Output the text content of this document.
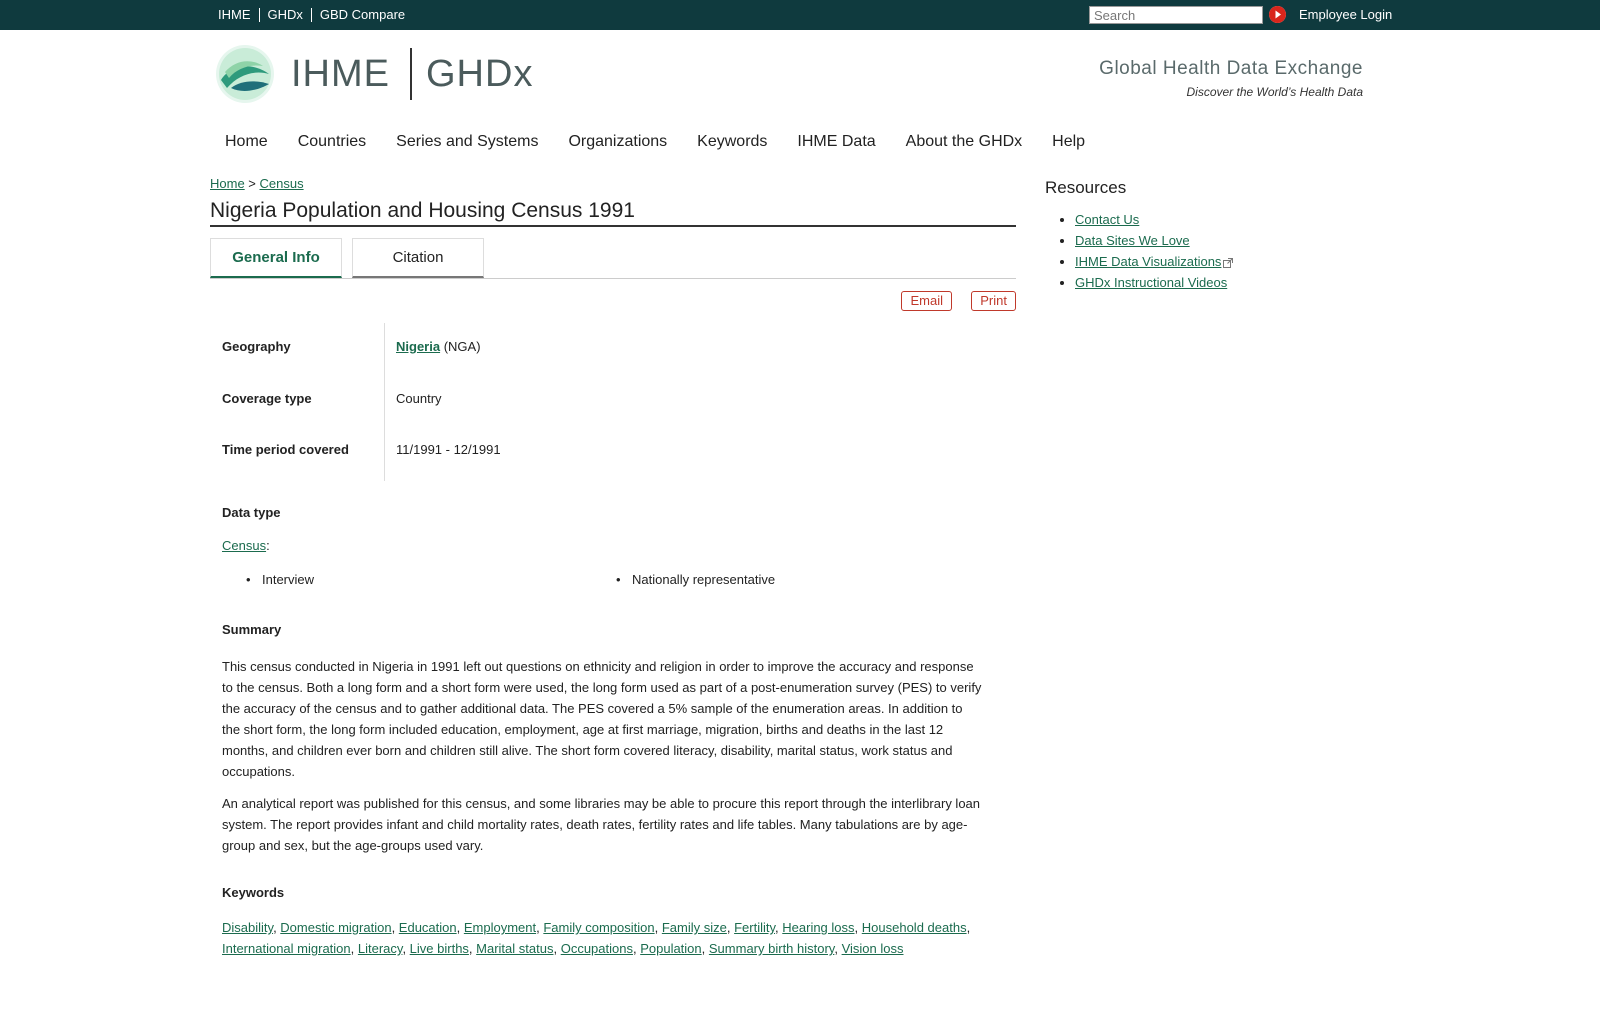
IHME	GHDx	GBD Compare
Search	Employee Login
IHME GHDx	Global Health Data Exchange
Discover the World’s Health Data
Home Countries Series and Systems Organizations Keywords IHME Data About the GHDx Help
Home > Census
Nigeria Population and Housing Census 1991
General Info	Citation
Email	Print
Geography	Nigeria (NGA)
Coverage type	Country
Time period covered	11/1991 - 12/1991
Data type
Census:
• Interview	• Nationally representative
Summary
This census conducted in Nigeria in 1991 left out questions on ethnicity and religion in order to improve the accuracy and response to the census. Both a long form and a short form were used, the long form used as part of a post-enumeration survey (PES) to verify the accuracy of the census and to gather additional data. The PES covered a 5% sample of the enumeration areas. In addition to the short form, the long form included education, employment, age at first marriage, migration, births and deaths in the last 12 months, and children ever born and children still alive. The short form covered literacy, disability, marital status, work status and occupations.
An analytical report was published for this census, and some libraries may be able to procure this report through the interlibrary loan system. The report provides infant and child mortality rates, death rates, fertility rates and life tables. Many tabulations are by age-group and sex, but the age-groups used vary.
Keywords
Disability, Domestic migration, Education, Employment, Family composition, Family size, Fertility, Hearing loss, Household deaths, International migration, Literacy, Live births, Marital status, Occupations, Population, Summary birth history, Vision loss
Resources
• Contact Us
• Data Sites We Love
• IHME Data Visualizations
• GHDx Instructional Videos
